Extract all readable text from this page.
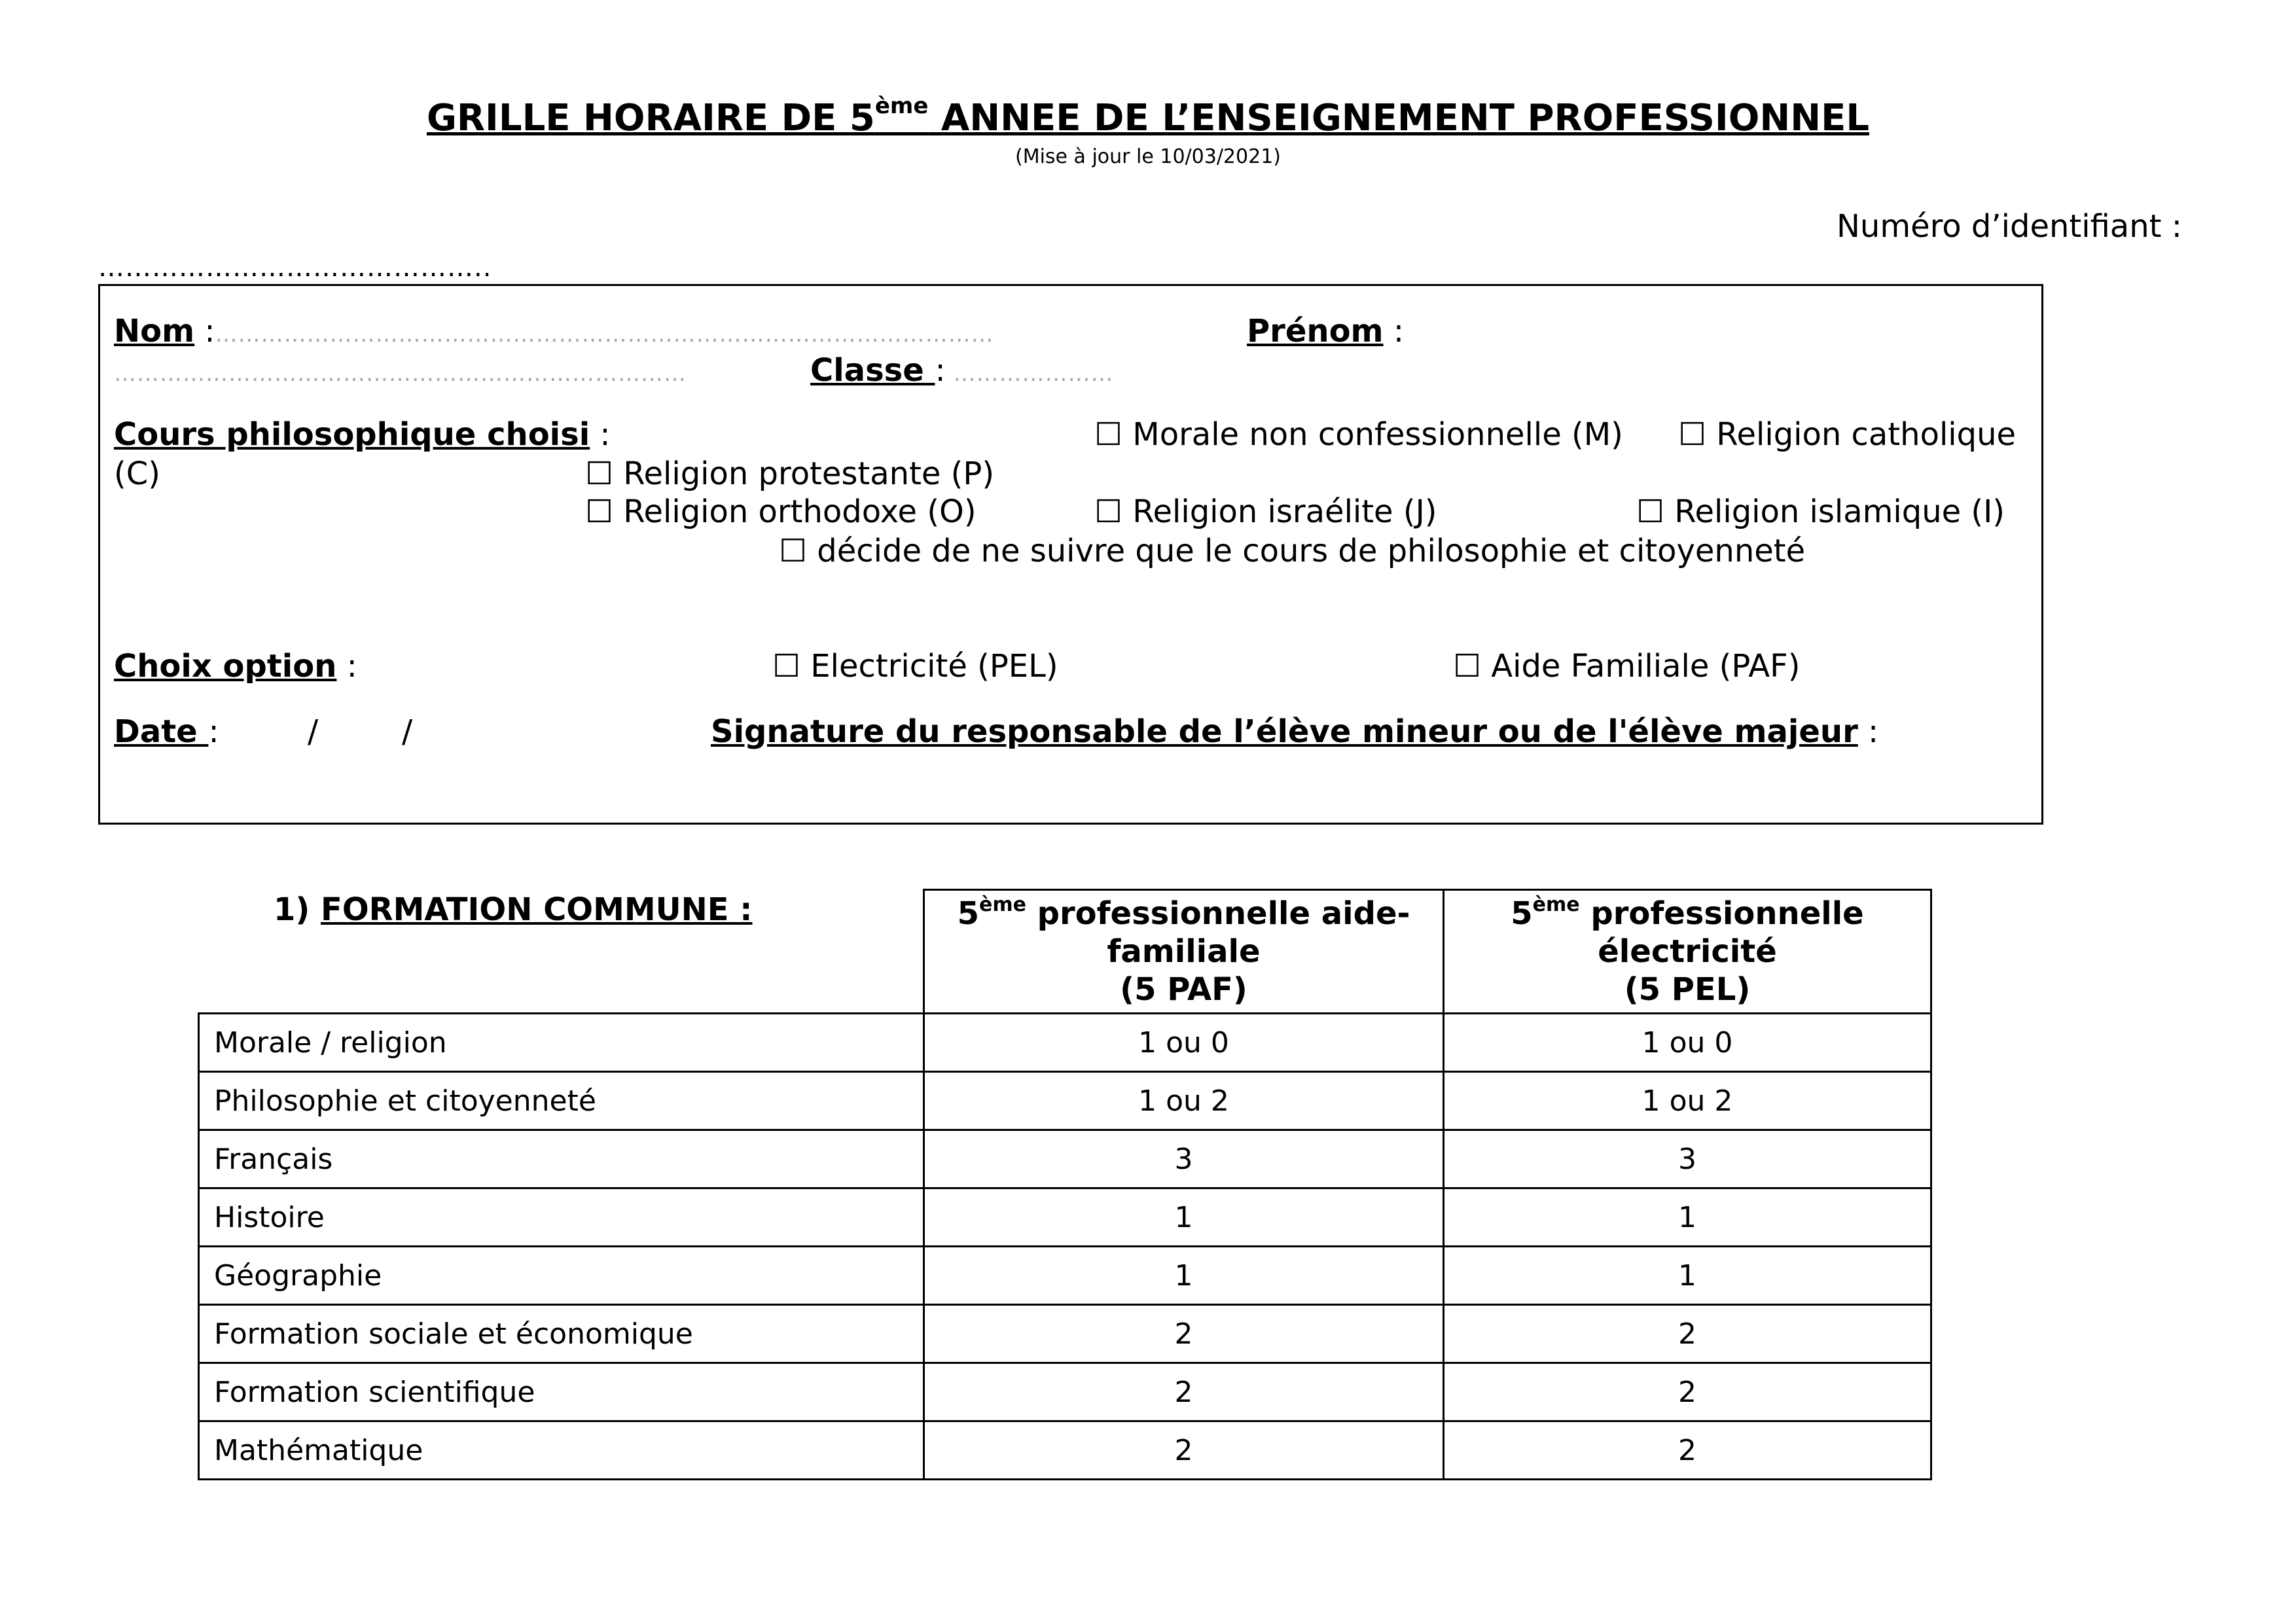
GRILLE HORAIRE DE 5ème ANNEE DE L’ENSEIGNEMENT PROFESSIONNEL
(Mise à jour le 10/03/2021)
Numéro d’identifiant :
……………………………………..
Nom :…………………………………………………………………………………………	Prénom :
…………………………………………………………………	Classe : …………………
Cours philosophique choisi :	☐ Morale non confessionnelle (M) ☐ Religion catholique
(C)	☐ Religion protestante (P)
☐ Religion orthodoxe (O)	☐ Religion israélite (J)	☐ Religion islamique (I)
☐ décide de ne suivre que le cours de philosophie et citoyenneté
Choix option :	☐ Electricité (PEL)	☐ Aide Familiale (PAF)
Date :	/	/	Signature du responsable de l’élève mineur ou de l'élève majeur :
1) FORMATION COMMUNE :

	5ème professionnelle aide-
familiale
(5 PAF)	5ème professionnelle
électricité
(5 PEL)

Morale / religion	1 ou 0	1 ou 0
Philosophie et citoyenneté	1 ou 2	1 ou 2
Français	3	3
Histoire	1	1
Géographie	1	1
Formation sociale et économique	2	2
Formation scientifique	2	2
Mathématique	2	2
